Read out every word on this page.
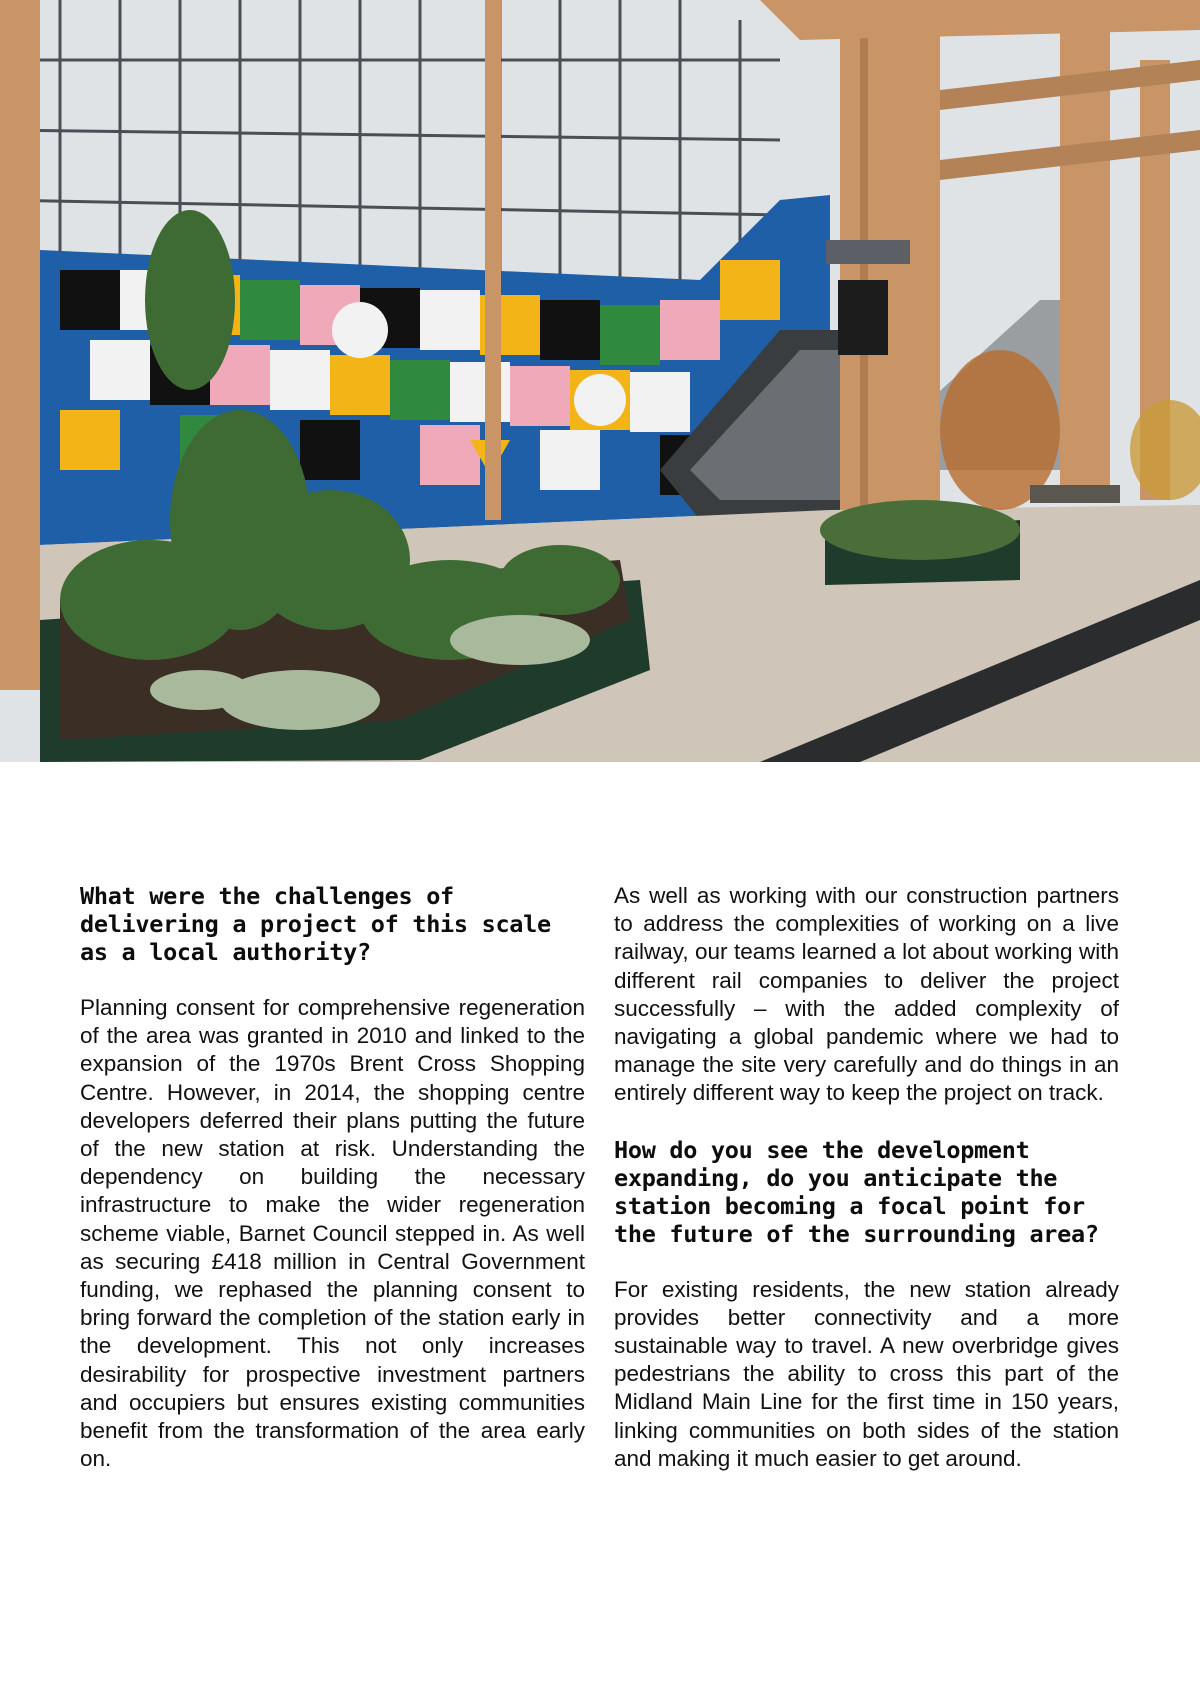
What were the challenges of delivering a project of this scale as a local authority?

Planning consent for comprehensive regeneration of the area was granted in 2010 and linked to the expansion of the 1970s Brent Cross Shopping Centre. However, in 2014, the shopping centre developers deferred their plans putting the future of the new station at risk. Understanding the dependency on building the necessary infrastructure to make the wider regeneration scheme viable, Barnet Council stepped in. As well as securing £418 million in Central Government funding, we rephased the planning consent to bring forward the completion of the station early in the development. This not only increases desirability for prospective investment partners and occupiers but ensures existing communities benefit from the transformation of the area early on.

As well as working with our construction partners to address the complexities of working on a live railway, our teams learned a lot about working with different rail companies to deliver the project successfully – with the added complexity of navigating a global pandemic where we had to manage the site very carefully and do things in an entirely different way to keep the project on track.

How do you see the development expanding, do you anticipate the station becoming a focal point for the future of the surrounding area?

For existing residents, the new station already provides better connectivity and a more sustainable way to travel. A new overbridge gives pedestrians the ability to cross this part of the Midland Main Line for the first time in 150 years, linking communities on both sides of the station and making it much easier to get around.
